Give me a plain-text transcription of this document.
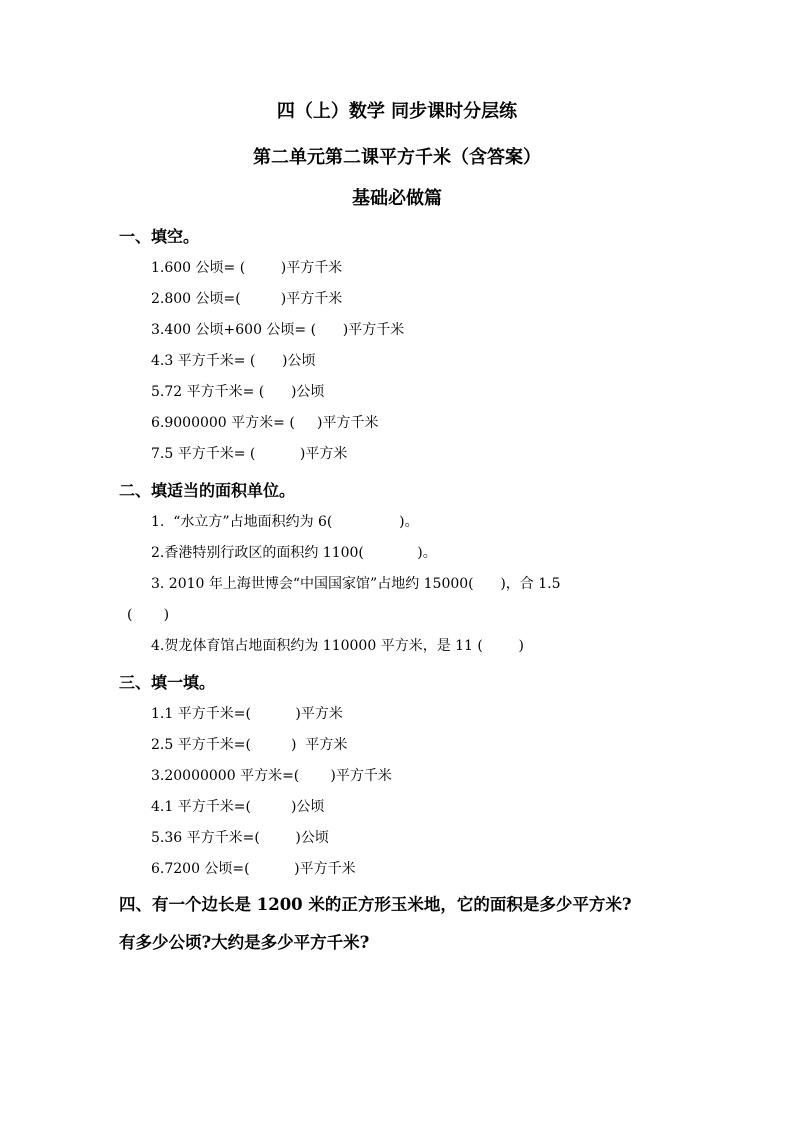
四（上）数学 同步课时分层练
第二单元第二课平方千米（含答案）
基础必做篇
一、填空。
1.600 公顷= (        )平方千米
2.800 公顷=(         )平方千米
3.400 公顷+600 公顷= (      )平方千米
4.3 平方千米= (      )公顷
5.72 平方千米= (      )公顷
6.9000000 平方米= (     )平方千米
7.5 平方千米= (          )平方米
二、填适当的面积单位。
1.  “水立方”占地面积约为 6(               )。
2.香港特别行政区的面积约 1100(            )。
3. 2010 年上海世博会“中国国家馆”占地约 15000(      )，合 1.5
(       )
4.贺龙体育馆占地面积约为 110000 平方米，是 11 (        )
三、填一填。
1.1 平方千米=(          )平方米
2.5 平方千米=(         )  平方米
3.20000000 平方米=(       )平方千米
4.1 平方千米=(         )公顷
5.36 平方千米=(        )公顷
6.7200 公顷=(          )平方千米
四、有一个边长是 1200 米的正方形玉米地，它的面积是多少平方米?
有多少公顷?大约是多少平方千米?
